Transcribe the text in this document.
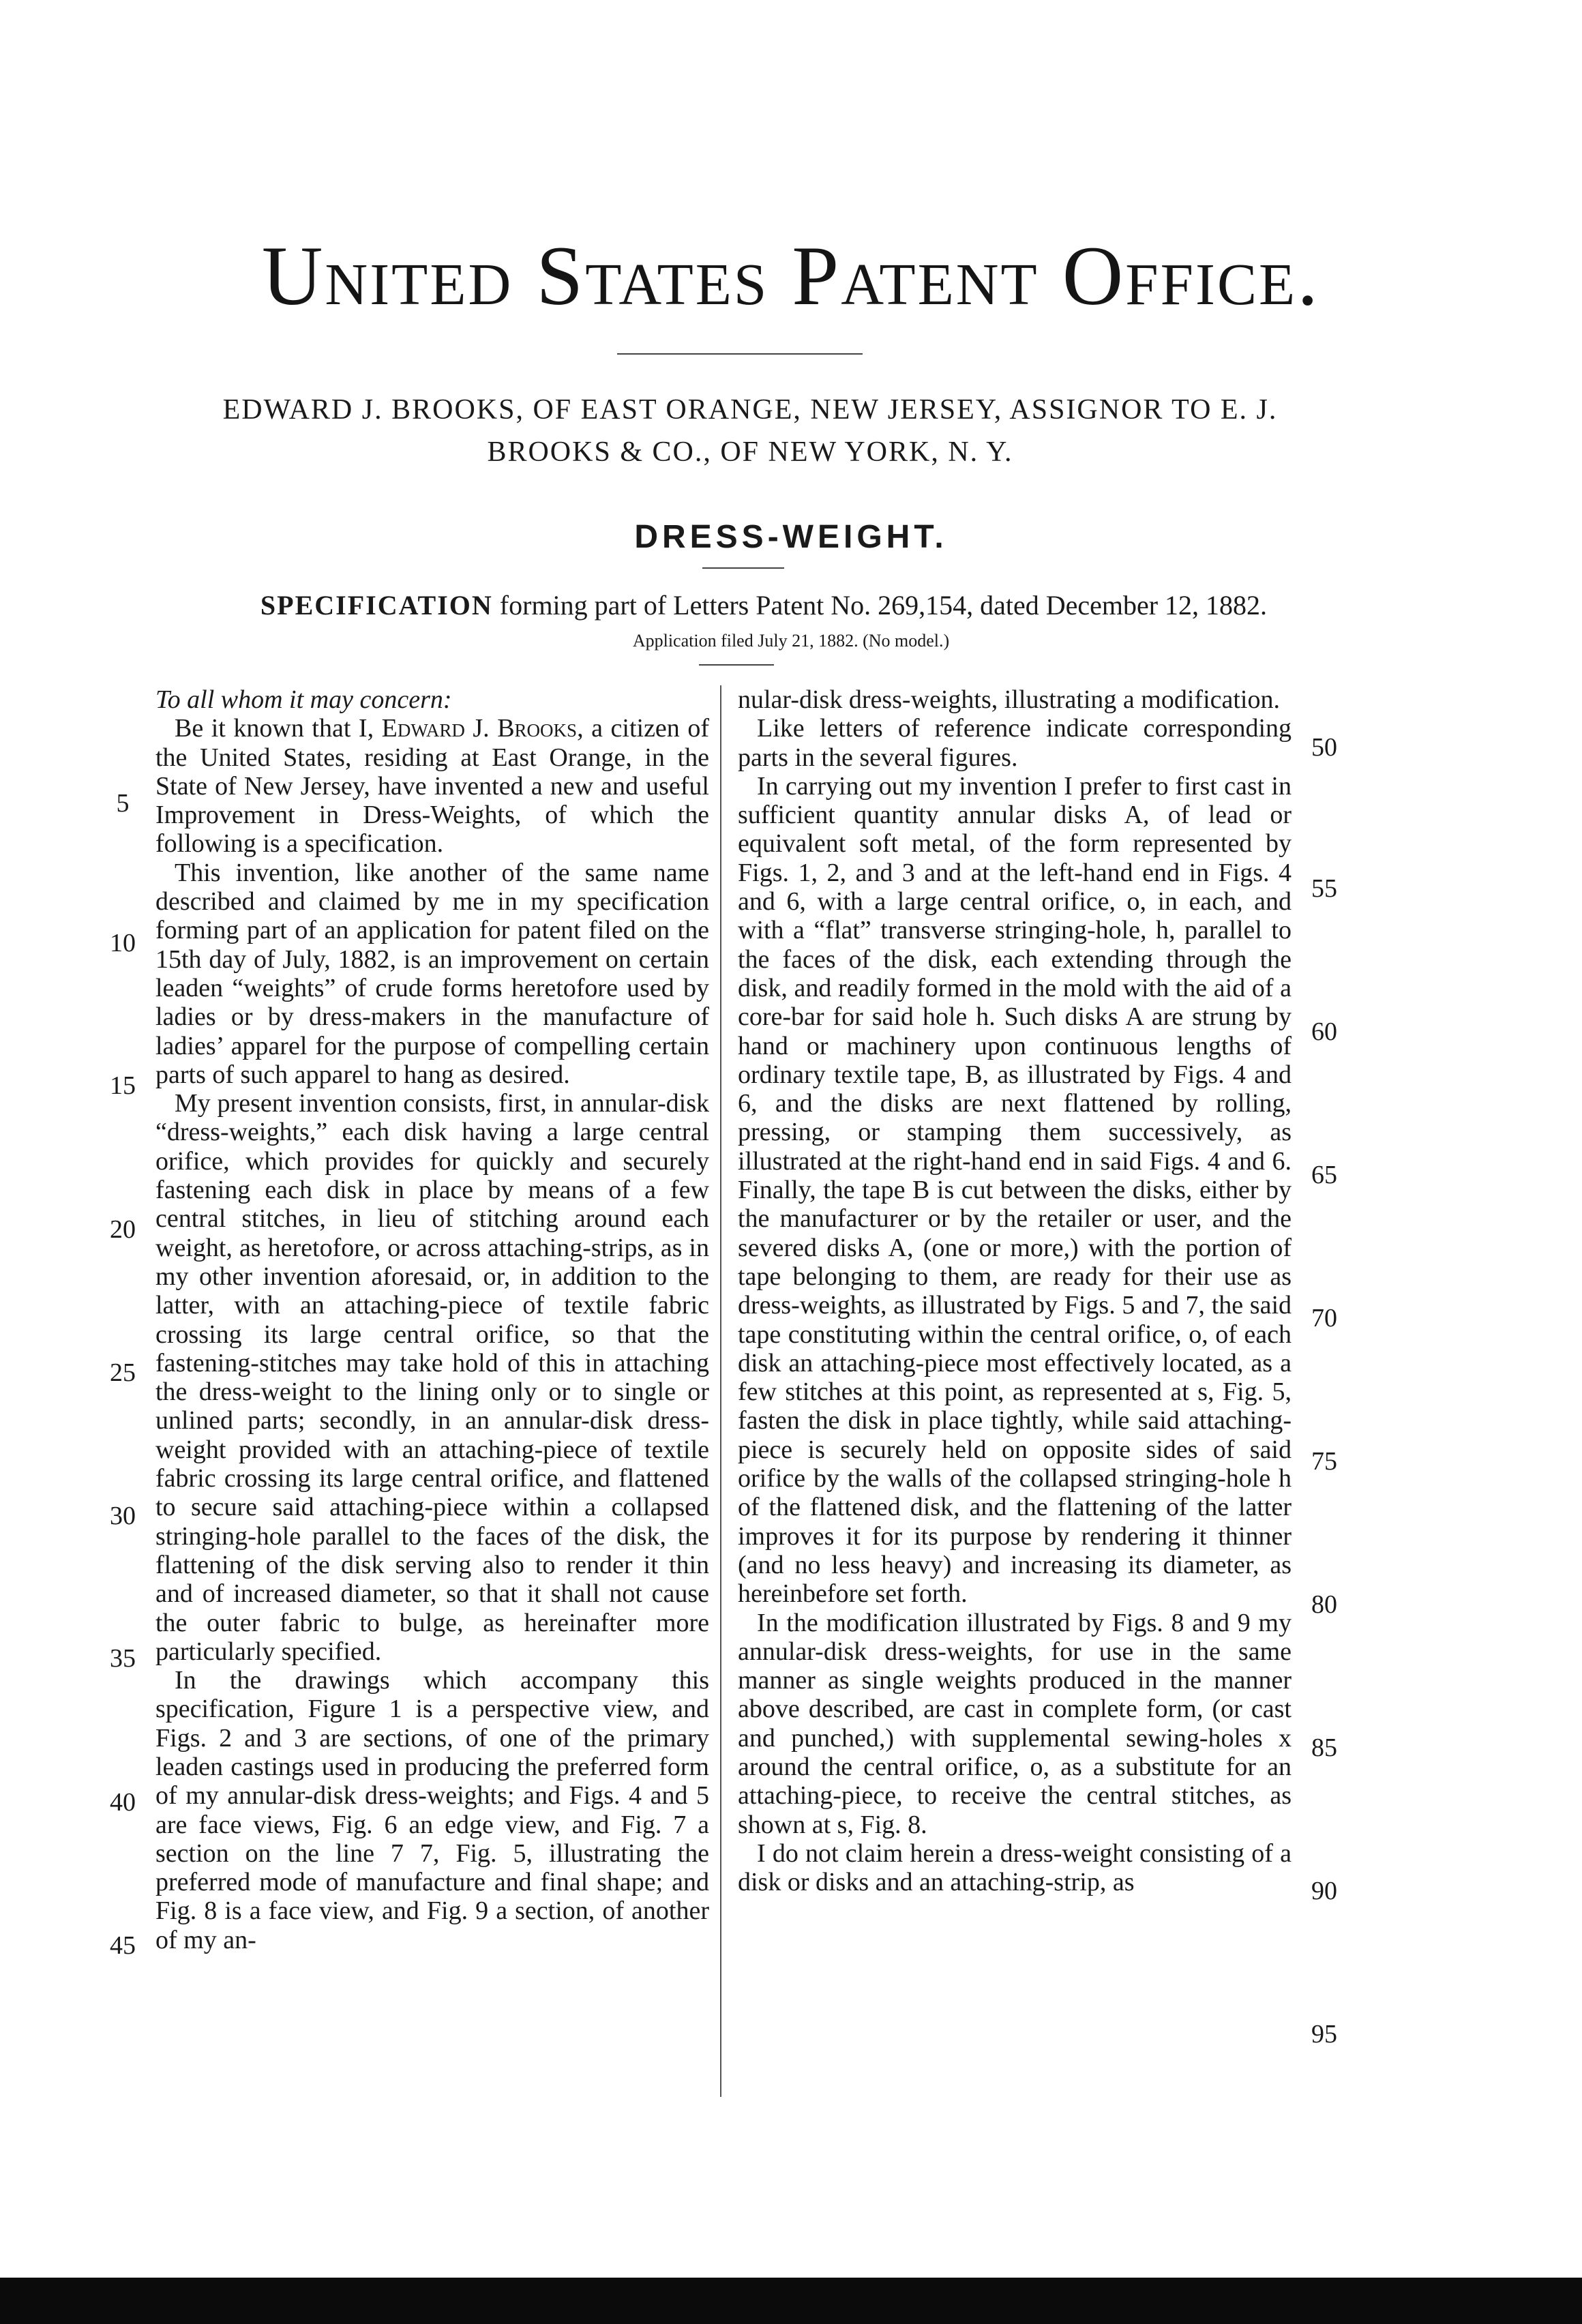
United States Patent Office.
EDWARD J. BROOKS, OF EAST ORANGE, NEW JERSEY, ASSIGNOR TO E. J. BROOKS & CO., OF NEW YORK, N. Y.
DRESS-WEIGHT.
SPECIFICATION forming part of Letters Patent No. 269,154, dated December 12, 1882.
Application filed July 21, 1882. (No model.)

To all whom it may concern:

Be it known that I, Edward J. Brooks, a citizen of the United States, residing at East Orange, in the State of New Jersey, have invented a new and useful Improvement in Dress-Weights, of which the following is a specification.

This invention, like another of the same name described and claimed by me in my specification forming part of an application for patent filed on the 15th day of July, 1882, is an improvement on certain leaden “weights” of crude forms heretofore used by ladies or by dress-makers in the manufacture of ladies’ apparel for the purpose of compelling certain parts of such apparel to hang as desired.

My present invention consists, first, in annular-disk “dress-weights,” each disk having a large central orifice, which provides for quickly and securely fastening each disk in place by means of a few central stitches, in lieu of stitching around each weight, as heretofore, or across attaching-strips, as in my other invention aforesaid, or, in addition to the latter, with an attaching-piece of textile fabric crossing its large central orifice, so that the fastening-stitches may take hold of this in attaching the dress-weight to the lining only or to single or unlined parts; secondly, in an annular-disk dress-weight provided with an attaching-piece of textile fabric crossing its large central orifice, and flattened to secure said attaching-piece within a collapsed stringing-hole parallel to the faces of the disk, the flattening of the disk serving also to render it thin and of increased diameter, so that it shall not cause the outer fabric to bulge, as hereinafter more particularly specified.

In the drawings which accompany this specification, Figure 1 is a perspective view, and Figs. 2 and 3 are sections, of one of the primary leaden castings used in producing the preferred form of my annular-disk dress-weights; and Figs. 4 and 5 are face views, Fig. 6 an edge view, and Fig. 7 a section on the line 7 7, Fig. 5, illustrating the preferred mode of manufacture and final shape; and Fig. 8 is a face view, and Fig. 9 a section, of another of my an-

nular-disk dress-weights, illustrating a modification.

Like letters of reference indicate corresponding parts in the several figures.

In carrying out my invention I prefer to first cast in sufficient quantity annular disks A, of lead or equivalent soft metal, of the form represented by Figs. 1, 2, and 3 and at the left-hand end in Figs. 4 and 6, with a large central orifice, o, in each, and with a “flat” transverse stringing-hole, h, parallel to the faces of the disk, each extending through the disk, and readily formed in the mold with the aid of a core-bar for said hole h. Such disks A are strung by hand or machinery upon continuous lengths of ordinary textile tape, B, as illustrated by Figs. 4 and 6, and the disks are next flattened by rolling, pressing, or stamping them successively, as illustrated at the right-hand end in said Figs. 4 and 6. Finally, the tape B is cut between the disks, either by the manufacturer or by the retailer or user, and the severed disks A, (one or more,) with the portion of tape belonging to them, are ready for their use as dress-weights, as illustrated by Figs. 5 and 7, the said tape constituting within the central orifice, o, of each disk an attaching-piece most effectively located, as a few stitches at this point, as represented at s, Fig. 5, fasten the disk in place tightly, while said attaching-piece is securely held on opposite sides of said orifice by the walls of the collapsed stringing-hole h of the flattened disk, and the flattening of the latter improves it for its purpose by rendering it thinner (and no less heavy) and increasing its diameter, as hereinbefore set forth.

In the modification illustrated by Figs. 8 and 9 my annular-disk dress-weights, for use in the same manner as single weights produced in the manner above described, are cast in complete form, (or cast and punched,) with supplemental sewing-holes x around the central orifice, o, as a substitute for an attaching-piece, to receive the central stitches, as shown at s, Fig. 8.

I do not claim herein a dress-weight consisting of a disk or disks and an attaching-strip, as

5
10
15
20
25
30
35
40
45
50
55
60
65
70
75
80
85
90
95
